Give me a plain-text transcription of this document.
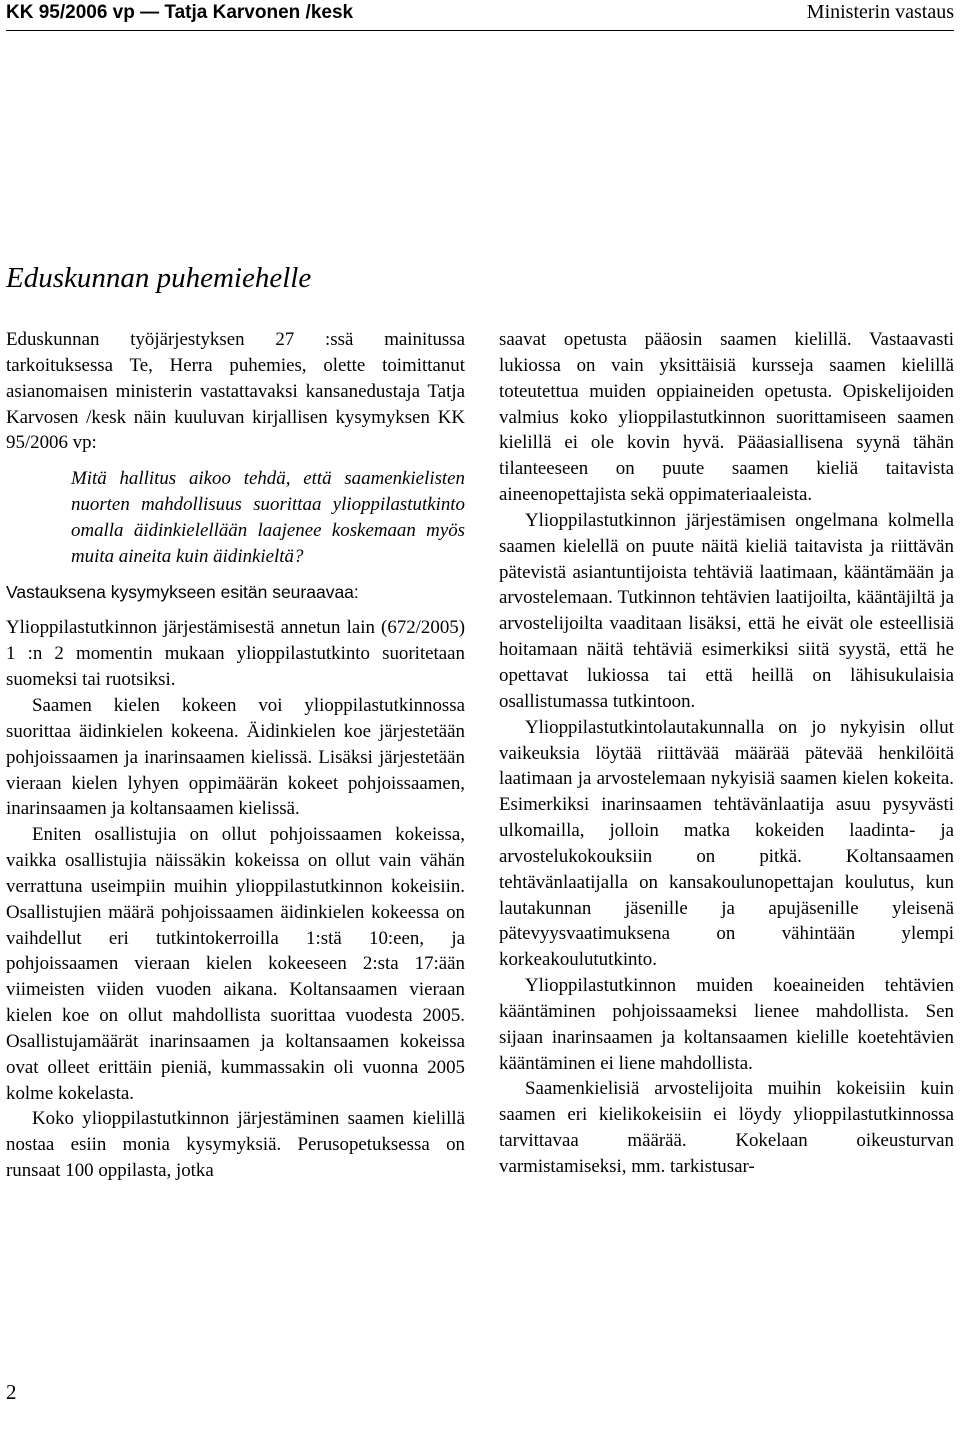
KK 95/2006 vp — Tatja Karvonen /kesk	Ministerin vastaus
Eduskunnan puhemiehelle

Eduskunnan työjärjestyksen 27 :ssä mainitussa tarkoituksessa Te, Herra puhemies, olette toimittanut asianomaisen ministerin vastattavaksi kansanedustaja Tatja Karvosen /kesk näin kuuluvan kirjallisen kysymyksen KK 95/2006 vp:

Mitä hallitus aikoo tehdä, että saamenkielisten nuorten mahdollisuus suorittaa ylioppilastutkinto omalla äidinkielellään laajenee koskemaan myös muita aineita kuin äidinkieltä?

Vastauksena kysymykseen esitän seuraavaa:

Ylioppilastutkinnon järjestämisestä annetun lain (672/2005) 1 :n 2 momentin mukaan ylioppilastutkinto suoritetaan suomeksi tai ruotsiksi.

Saamen kielen kokeen voi ylioppilastutkinnossa suorittaa äidinkielen kokeena. Äidinkielen koe järjestetään pohjoissaamen ja inarinsaamen kielissä. Lisäksi järjestetään vieraan kielen lyhyen oppimäärän kokeet pohjoissaamen, inarinsaamen ja koltansaamen kielissä.

Eniten osallistujia on ollut pohjoissaamen kokeissa, vaikka osallistujia näissäkin kokeissa on ollut vain vähän verrattuna useimpiin muihin ylioppilastutkinnon kokeisiin. Osallistujien määrä pohjoissaamen äidinkielen kokeessa on vaihdellut eri tutkintokerroilla 1:stä 10:een, ja pohjoissaamen vieraan kielen kokeeseen 2:sta 17:ään viimeisten viiden vuoden aikana. Koltansaamen vieraan kielen koe on ollut mahdollista suorittaa vuodesta 2005. Osallistujamäärät inarinsaamen ja koltansaamen kokeissa ovat olleet erittäin pieniä, kummassakin oli vuonna 2005 kolme kokelasta.

Koko ylioppilastutkinnon järjestäminen saamen kielillä nostaa esiin monia kysymyksiä. Perusopetuksessa on runsaat 100 oppilasta, jotka

saavat opetusta pääosin saamen kielillä. Vastaavasti lukiossa on vain yksittäisiä kursseja saamen kielillä toteutettua muiden oppiaineiden opetusta. Opiskelijoiden valmius koko ylioppilastutkinnon suorittamiseen saamen kielillä ei ole kovin hyvä. Pääasiallisena syynä tähän tilanteeseen on puute saamen kieliä taitavista aineenopettajista sekä oppimateriaaleista.

Ylioppilastutkinnon järjestämisen ongelmana kolmella saamen kielellä on puute näitä kieliä taitavista ja riittävän pätevistä asiantuntijoista tehtäviä laatimaan, kääntämään ja arvostelemaan. Tutkinnon tehtävien laatijoilta, kääntäjiltä ja arvostelijoilta vaaditaan lisäksi, että he eivät ole esteellisiä hoitamaan näitä tehtäviä esimerkiksi siitä syystä, että he opettavat lukiossa tai että heillä on lähisukulaisia osallistumassa tutkintoon.

Ylioppilastutkintolautakunnalla on jo nykyisin ollut vaikeuksia löytää riittävää määrää pätevää henkilöitä laatimaan ja arvostelemaan nykyisiä saamen kielen kokeita. Esimerkiksi inarinsaamen tehtävänlaatija asuu pysyvästi ulkomailla, jolloin matka kokeiden laadinta- ja arvostelukokouksiin on pitkä. Koltansaamen tehtävänlaatijalla on kansakoulunopettajan koulutus, kun lautakunnan jäsenille ja apujäsenille yleisenä pätevyysvaatimuksena on vähintään ylempi korkeakoulututkinto.

Ylioppilastutkinnon muiden koeaineiden tehtävien kääntäminen pohjoissaameksi lienee mahdollista. Sen sijaan inarinsaamen ja koltansaamen kielille koetehtävien kääntäminen ei liene mahdollista.

Saamenkielisiä arvostelijoita muihin kokeisiin kuin saamen eri kielikokeisiin ei löydy ylioppilastutkinnossa tarvittavaa määrää. Kokelaan oikeusturvan varmistamiseksi, mm. tarkistusar-

2
